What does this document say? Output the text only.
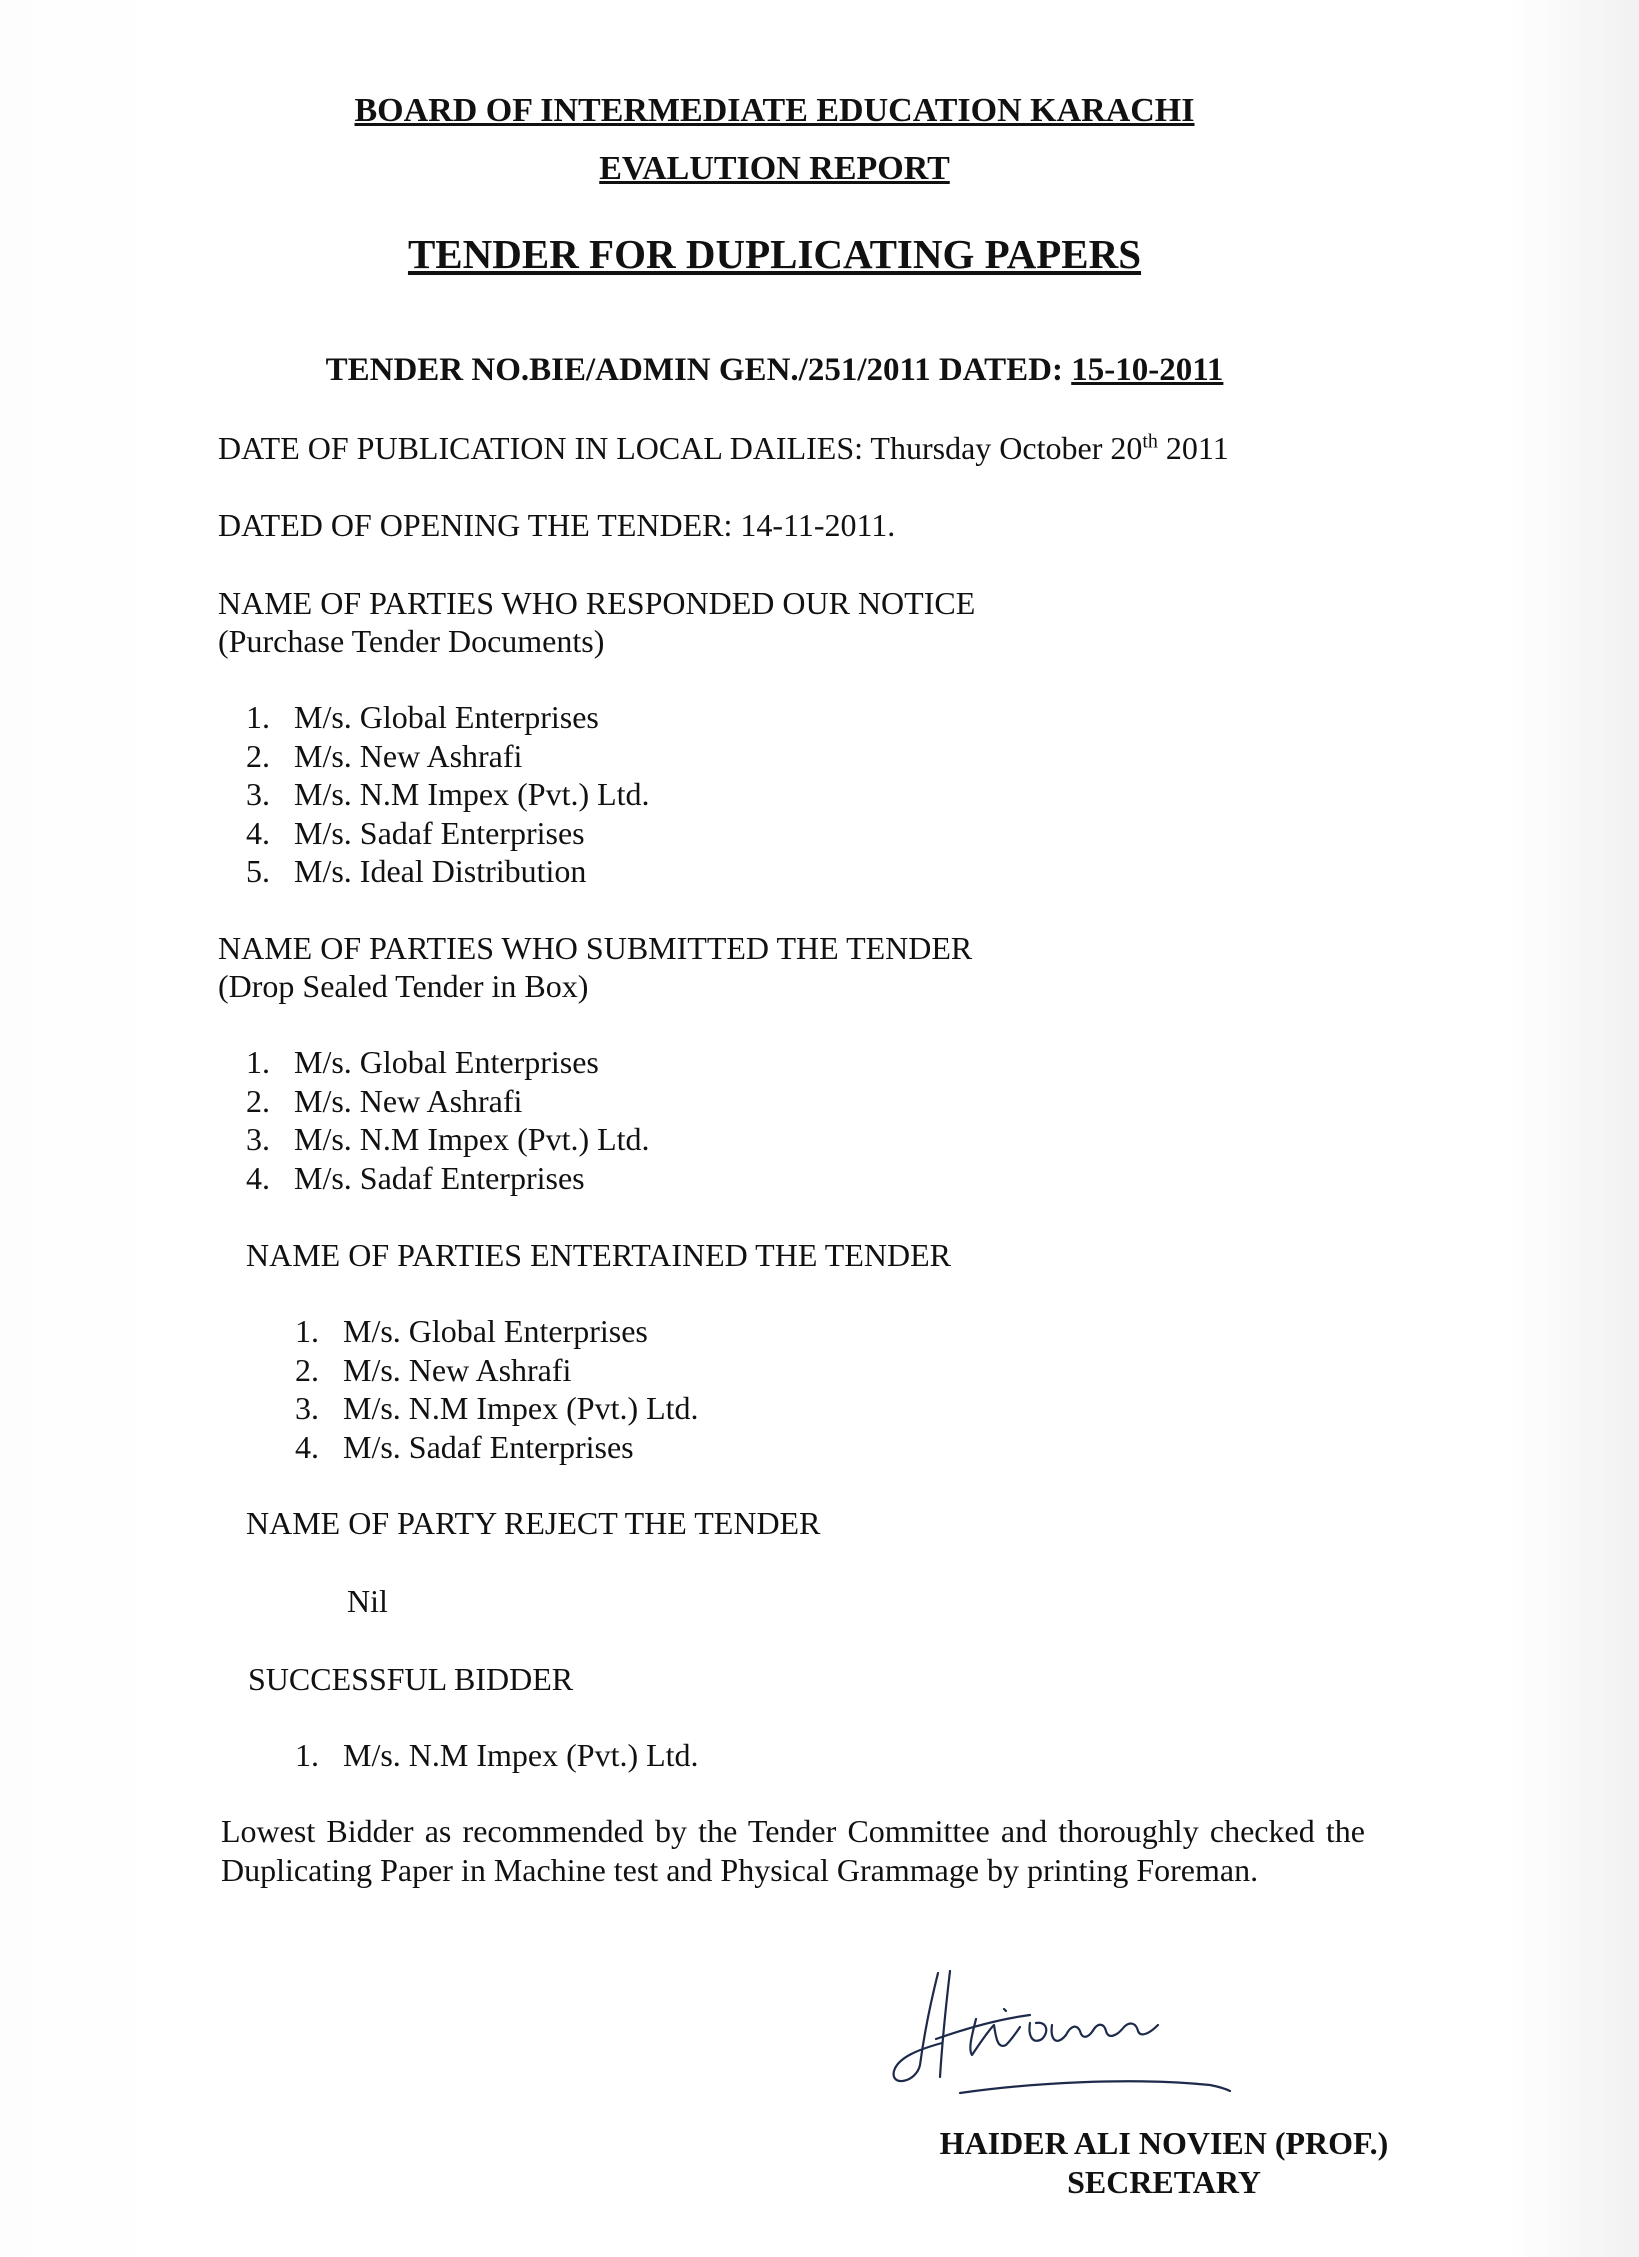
BOARD OF INTERMEDIATE EDUCATION KARACHI
EVALUTION REPORT
TENDER FOR DUPLICATING PAPERS
TENDER NO.BIE/ADMIN GEN./251/2011 DATED: 15-10-2011
DATE OF PUBLICATION IN LOCAL DAILIES: Thursday October 20th 2011
DATED OF OPENING THE TENDER: 14-11-2011.
NAME OF PARTIES WHO RESPONDED OUR NOTICE
(Purchase Tender Documents)
1. M/s. Global Enterprises
2. M/s. New Ashrafi
3. M/s. N.M Impex (Pvt.) Ltd.
4. M/s. Sadaf Enterprises
5. M/s. Ideal Distribution
NAME OF PARTIES WHO SUBMITTED THE TENDER
(Drop Sealed Tender in Box)
1. M/s. Global Enterprises
2. M/s. New Ashrafi
3. M/s. N.M Impex (Pvt.) Ltd.
4. M/s. Sadaf Enterprises
NAME OF PARTIES ENTERTAINED THE TENDER
1. M/s. Global Enterprises
2. M/s. New Ashrafi
3. M/s. N.M Impex (Pvt.) Ltd.
4. M/s. Sadaf Enterprises
NAME OF PARTY REJECT THE TENDER
Nil
SUCCESSFUL BIDDER
1. M/s. N.M Impex (Pvt.) Ltd.
Lowest Bidder as recommended by the Tender Committee and thoroughly checked the Duplicating Paper in Machine test and Physical Grammage by printing Foreman.
HAIDER ALI NOVIEN (PROF.)
SECRETARY
